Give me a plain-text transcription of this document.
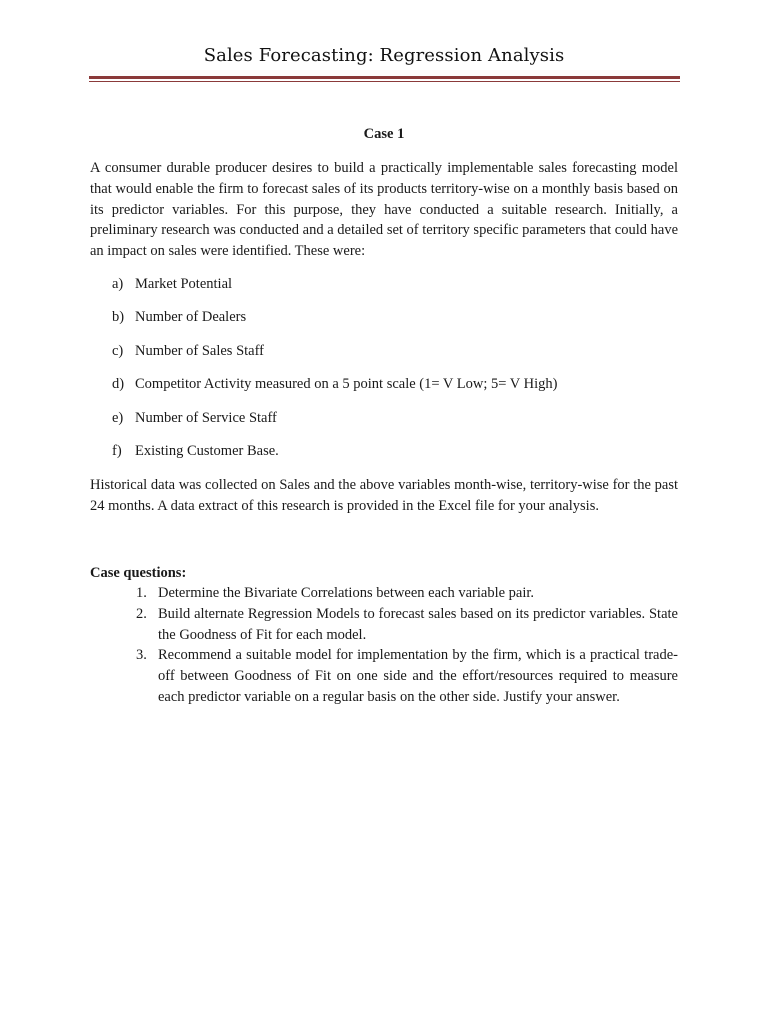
Sales Forecasting: Regression Analysis
Case 1

A consumer durable producer desires to build a practically implementable sales forecasting model that would enable the firm to forecast sales of its products territory-wise on a monthly basis based on its predictor variables. For this purpose, they have conducted a suitable research. Initially, a preliminary research was conducted and a detailed set of territory specific parameters that could have an impact on sales were identified. These were:

a) Market Potential
b) Number of Dealers
c) Number of Sales Staff
d) Competitor Activity measured on a 5 point scale (1= V Low; 5= V High)
e) Number of Service Staff
f) Existing Customer Base.

Historical data was collected on Sales and the above variables month-wise, territory-wise for the past 24 months. A data extract of this research is provided in the Excel file for your analysis.

Case questions:
1. Determine the Bivariate Correlations between each variable pair.
2. Build alternate Regression Models to forecast sales based on its predictor variables. State the Goodness of Fit for each model.
3. Recommend a suitable model for implementation by the firm, which is a practical trade-off between Goodness of Fit on one side and the effort/resources required to measure each predictor variable on a regular basis on the other side. Justify your answer.
